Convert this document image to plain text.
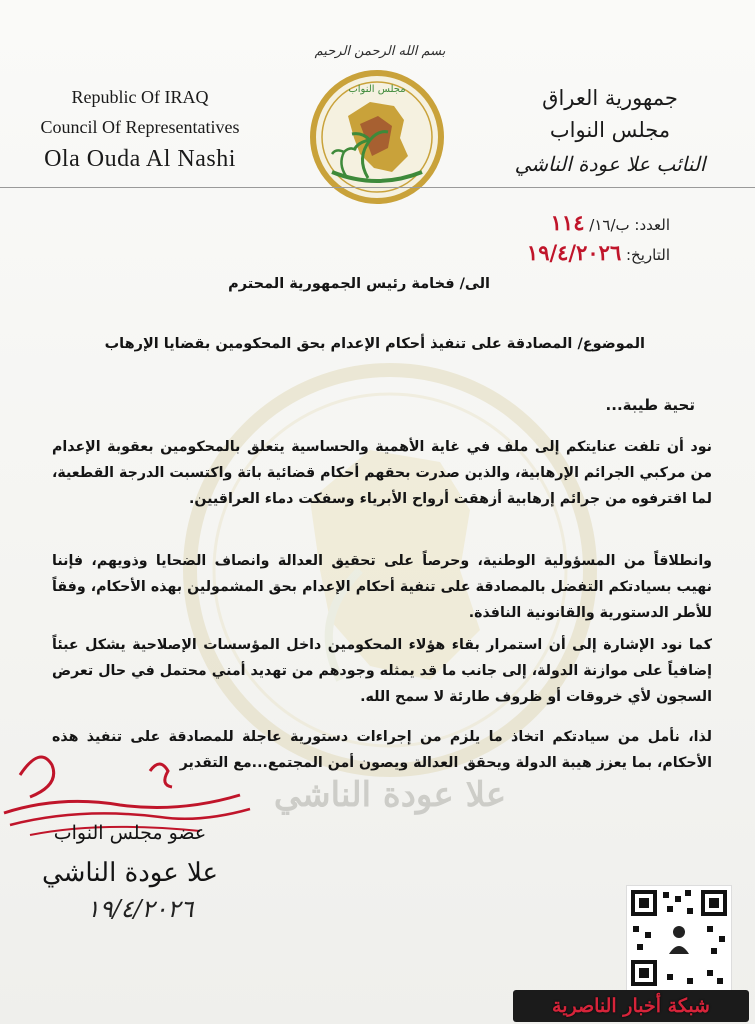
بسم الله الرحمن الرحيم
مجلس النواب
Republic Of IRAQ
Council Of Representatives
Ola Ouda Al Nashi
جمهورية العراق
مجلس النواب
النائب علا عودة الناشي
العدد: ب/١٦/ ١١٤
التاريخ: ١٩/٤/٢٠٢٦
الى/ فخامة رئيس الجمهورية المحترم
الموضوع/ المصادقة على تنفيذ أحكام الإعدام بحق المحكومين بقضايا الإرهاب
تحية طيبة...
نود أن تلفت عنايتكم إلى ملف في غاية الأهمية والحساسية يتعلق بالمحكومين بعقوبة الإعدام من مركبي الجرائم الإرهابية، والذين صدرت بحقهم أحكام قضائية باتة واكتسبت الدرجة القطعية، لما اقترفوه من جرائم إرهابية أزهقت أرواح الأبرياء وسفكت دماء العراقيين.
وانطلاقاً من المسؤولية الوطنية، وحرصاً على تحقيق العدالة وانصاف الضحايا وذويهم، فإننا نهيب بسيادتكم التفضل بالمصادقة على تنفية أحكام الإعدام بحق المشمولين بهذه الأحكام، وفقاً للأطر الدستورية والقانونية النافذة.
كما نود الإشارة إلى أن استمرار بقاء هؤلاء المحكومين داخل المؤسسات الإصلاحية يشكل عبئاً إضافياً على موازنة الدولة، إلى جانب ما قد يمثله وجودهم من تهديد أمني محتمل في حال تعرض السجون لأي خروقات أو ظروف طارئة لا سمح الله.
لذا، نأمل من سيادتكم اتخاذ ما يلزم من إجراءات دستورية عاجلة للمصادقة على تنفيذ هذه الأحكام، بما يعزز هيبة الدولة ويحقق العدالة ويصون أمن المجتمع...مع التقدير
علا عودة الناشي
عضو مجلس النواب
علا عودة الناشي
١٩/٤/٢٠٢٦
شبكة أخبار الناصرية
